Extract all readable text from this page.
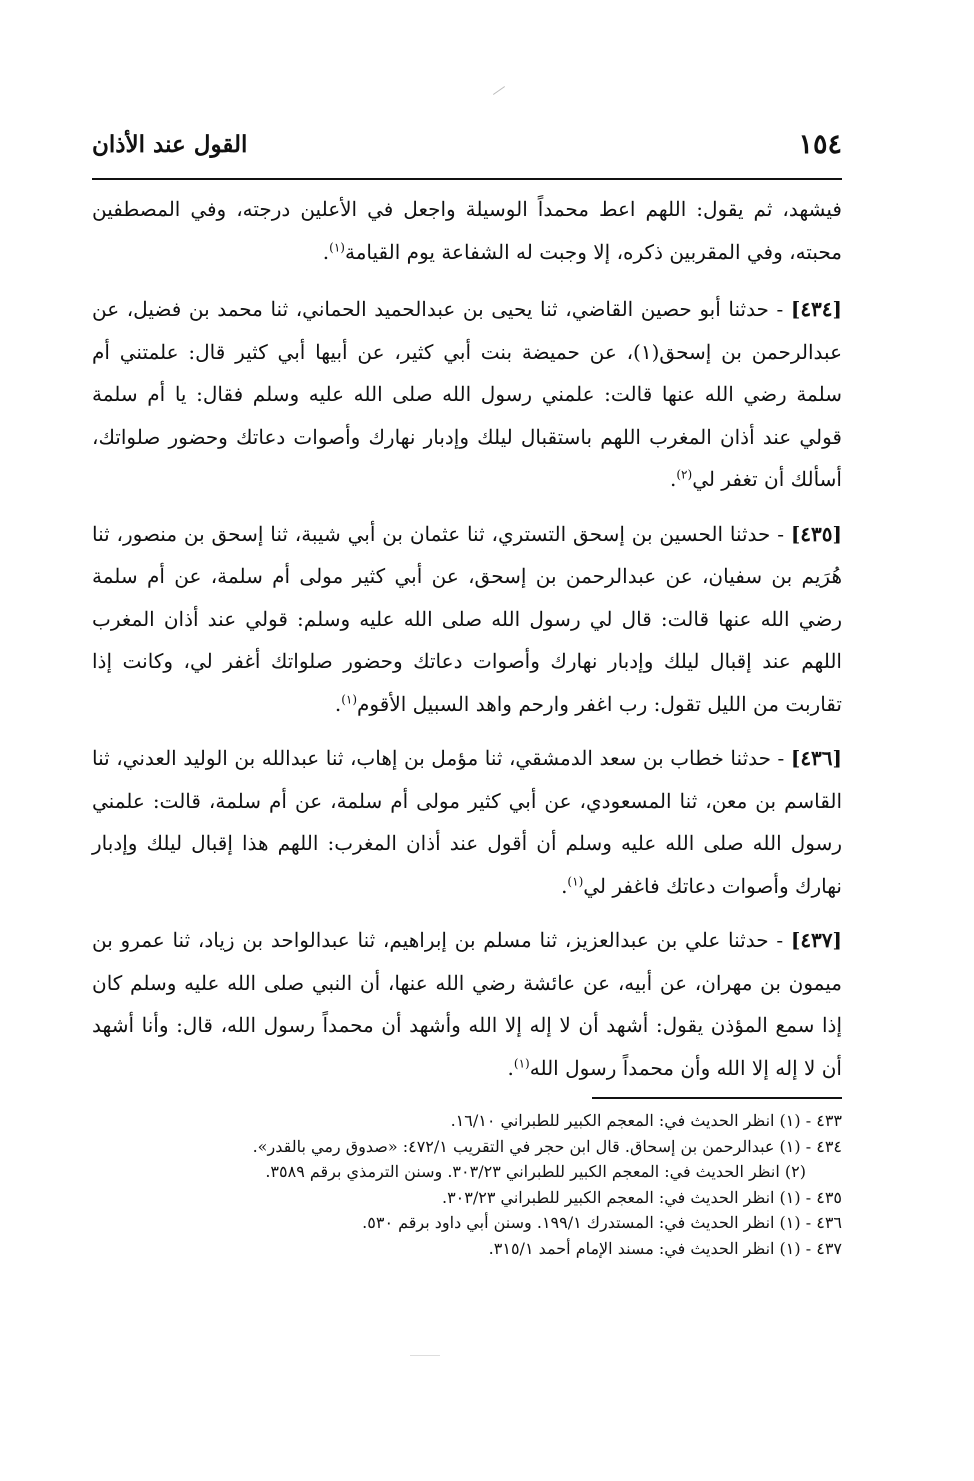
١٥٤
القول عند الأذان

فيشهد، ثم يقول: اللهم اعط محمداً الوسيلة واجعل في الأعلين درجته، وفي المصطفين محبته، وفي المقربين ذكره، إلا وجبت له الشفاعة يوم القيامة$^{(١)}$.

[٤٣٤] - حدثنا أبو حصين القاضي، ثنا يحيى بن عبدالحميد الحماني، ثنا محمد بن فضيل، عن عبدالرحمن بن إسحق(١)، عن حميضة بنت أبي كثير، عن أبيها أبي كثير قال: علمتني أم سلمة رضي الله عنها قالت: علمني رسول الله صلى الله عليه وسلم فقال: يا أم سلمة قولي عند أذان المغرب اللهم باستقبال ليلك وإدبار نهارك وأصوات دعاتك وحضور صلواتك، أسألك أن تغفر لي$^{(٢)}$.

[٤٣٥] - حدثنا الحسين بن إسحق التستري، ثنا عثمان بن أبي شيبة، ثنا إسحق بن منصور، ثنا هُرَيم بن سفيان، عن عبدالرحمن بن إسحق، عن أبي كثير مولى أم سلمة، عن أم سلمة رضي الله عنها قالت: قال لي رسول الله صلى الله عليه وسلم: قولي عند أذان المغرب اللهم عند إقبال ليلك وإدبار نهارك وأصوات دعاتك وحضور صلواتك أغفر لي، وكانت إذا تقاربت من الليل تقول: رب اغفر وارحم واهد السبيل الأقوم$^{(١)}$.

[٤٣٦] - حدثنا خطاب بن سعد الدمشقي، ثنا مؤمل بن إهاب، ثنا عبدالله بن الوليد العدني، ثنا القاسم بن معن، ثنا المسعودي، عن أبي كثير مولى أم سلمة، عن أم سلمة، قالت: علمني رسول الله صلى الله عليه وسلم أن أقول عند أذان المغرب: اللهم هذا إقبال ليلك وإدبار نهارك وأصوات دعاتك فاغفر لي$^{(١)}$.

[٤٣٧] - حدثنا علي بن عبدالعزيز، ثنا مسلم بن إبراهيم، ثنا عبدالواحد بن زياد، ثنا عمرو بن ميمون بن مهران، عن أبيه، عن عائشة رضي الله عنها، أن النبي صلى الله عليه وسلم كان إذا سمع المؤذن يقول: أشهد أن لا إله إلا الله وأشهد أن محمداً رسول الله، قال: وأنا أشهد أن لا إله إلا الله وأن محمداً رسول الله$^{(١)}$.

٤٣٣ - (١) انظر الحديث في: المعجم الكبير للطبراني ١٦/١٠.
٤٣٤ - (١) عبدالرحمن بن إسحاق. قال ابن حجر في التقريب ٤٧٢/١: «صدوق رمي بالقدر».
(٢) انظر الحديث في: المعجم الكبير للطبراني ٣٠٣/٢٣. وسنن الترمذي برقم ٣٥٨٩.
٤٣٥ - (١) انظر الحديث في: المعجم الكبير للطبراني ٣٠٣/٢٣.
٤٣٦ - (١) انظر الحديث في: المستدرك ١٩٩/١. وسنن أبي داود برقم ٥٣٠.
٤٣٧ - (١) انظر الحديث في: مسند الإمام أحمد ٣١٥/١.
